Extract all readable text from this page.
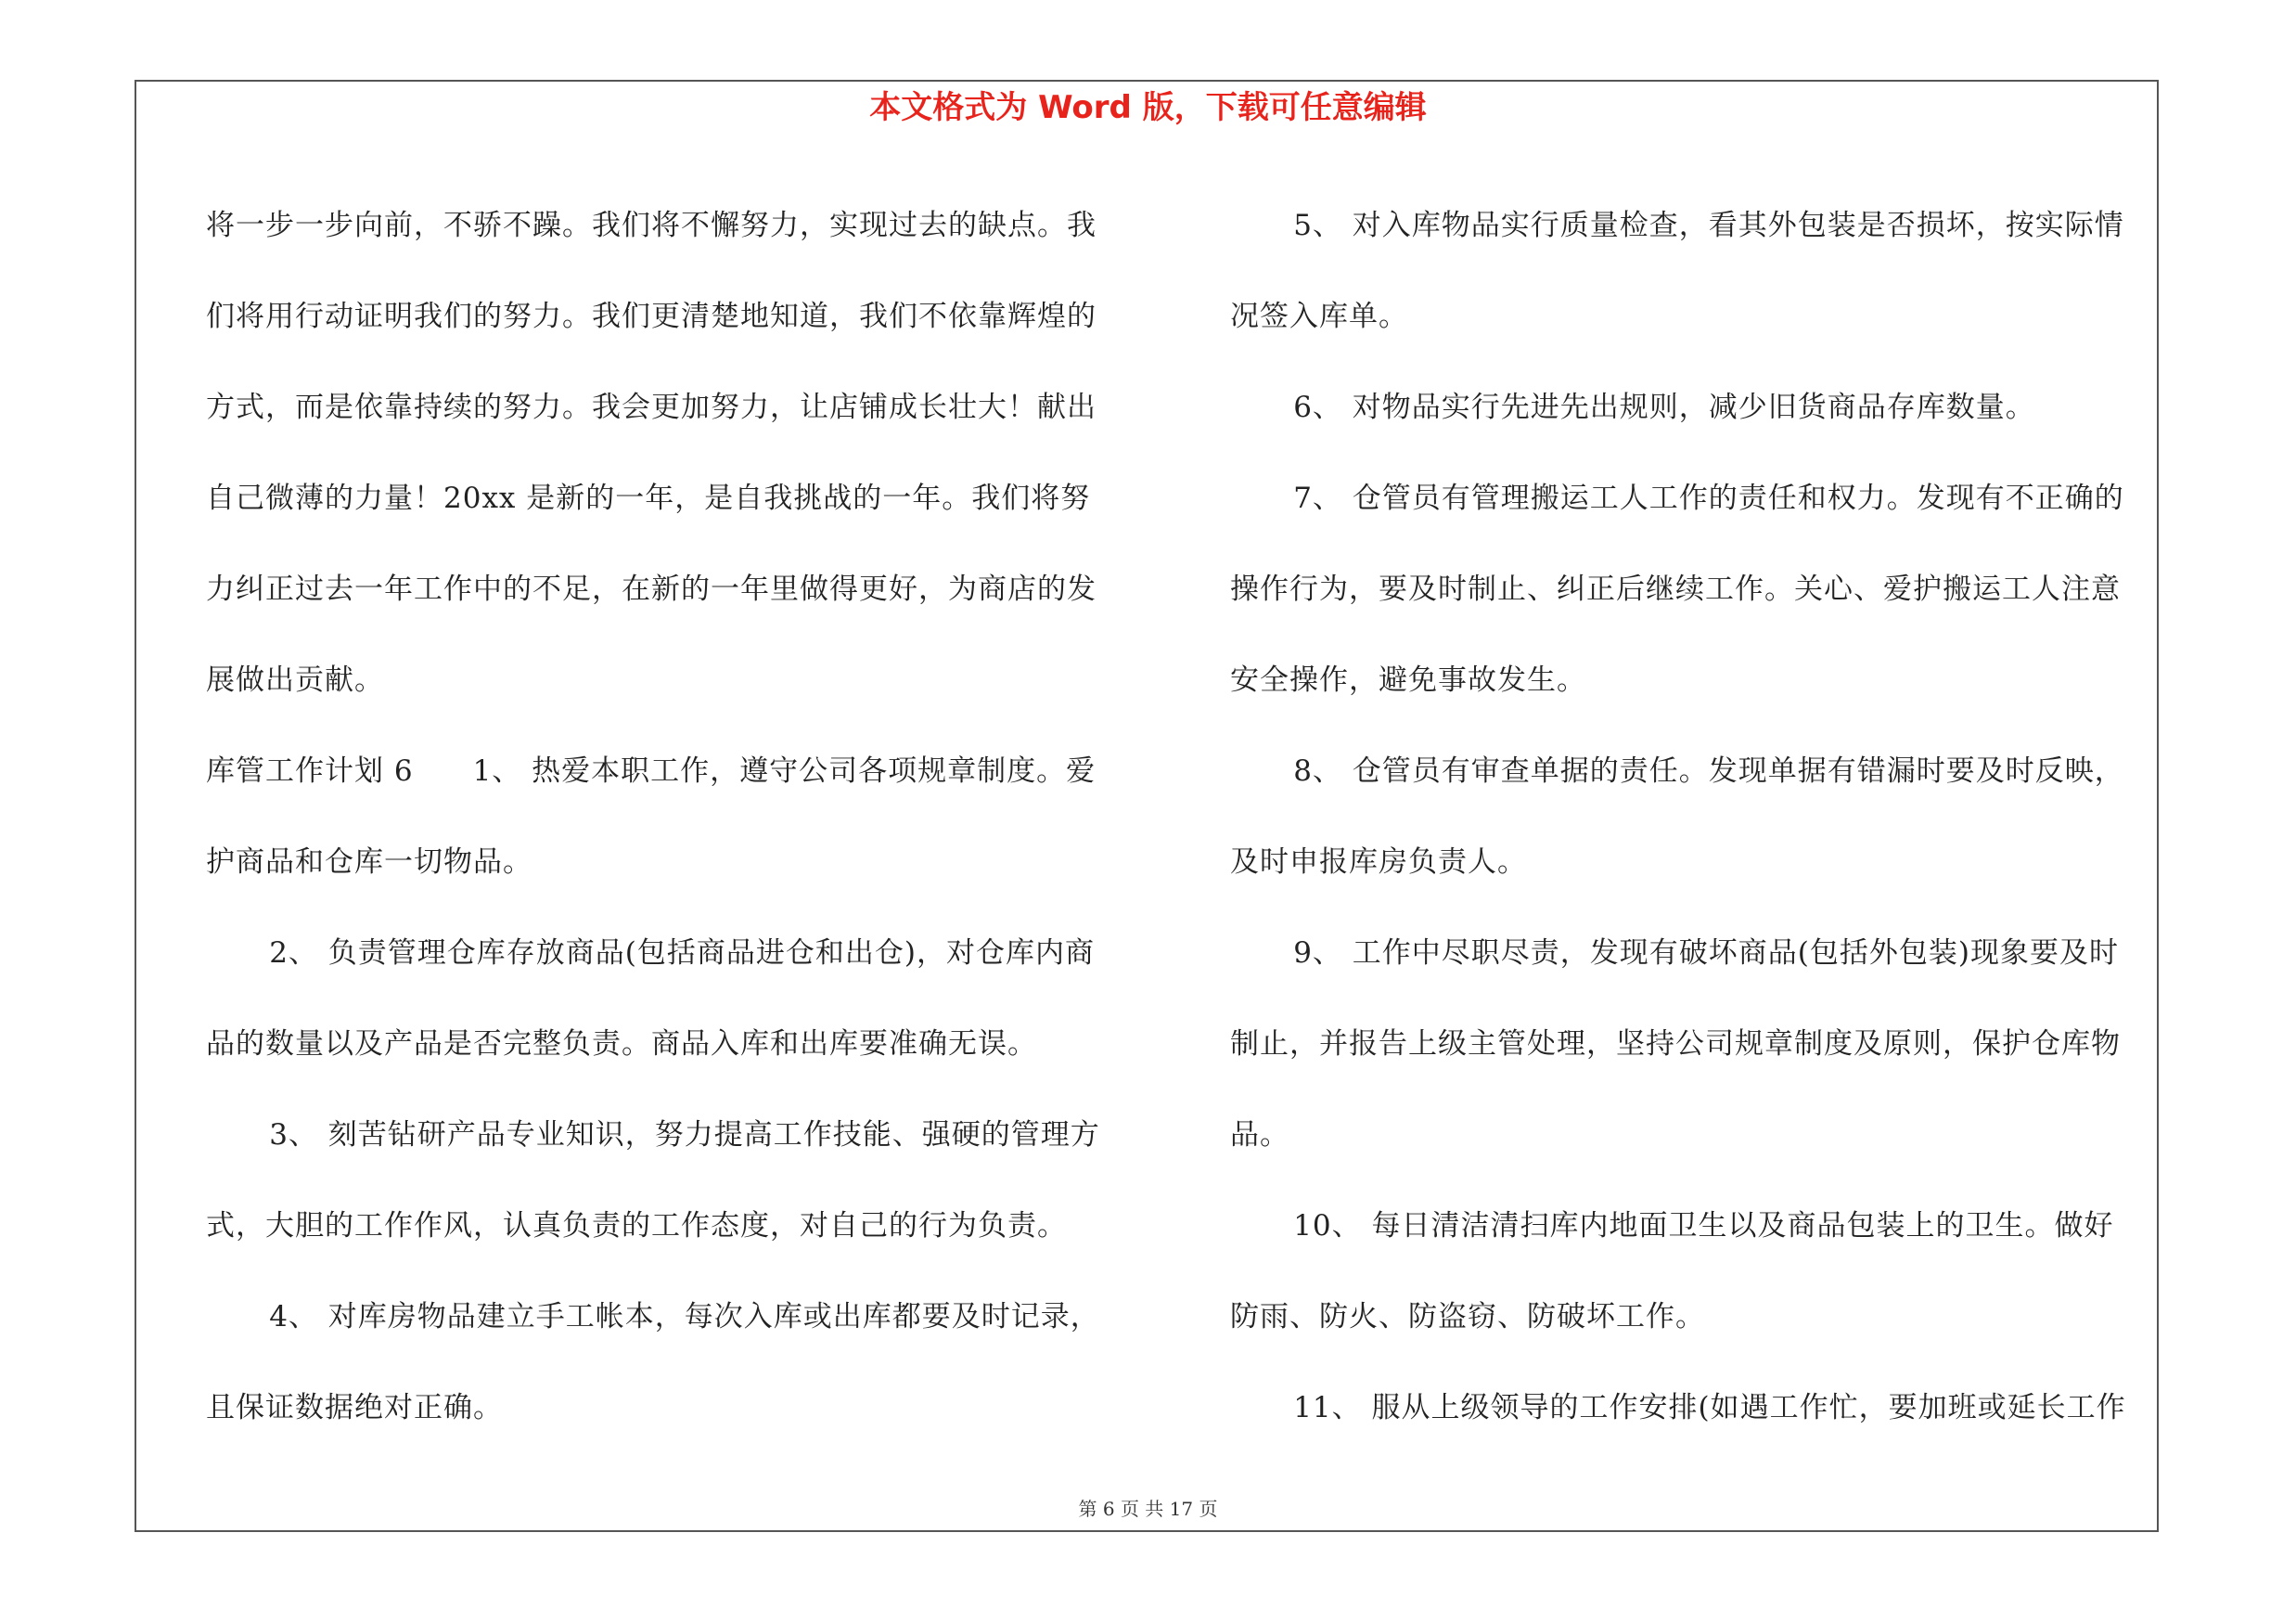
本文格式为 Word 版，下载可任意编辑

将一步一步向前，不骄不躁。我们将不懈努力，实现过去的缺点。我

们将用行动证明我们的努力。我们更清楚地知道，我们不依靠辉煌的

方式，而是依靠持续的努力。我会更加努力，让店铺成长壮大！献出

自己微薄的力量！20xx 是新的一年，是自我挑战的一年。我们将努

力纠正过去一年工作中的不足，在新的一年里做得更好，为商店的发

展做出贡献。

库管工作计划 6　　1、 热爱本职工作，遵守公司各项规章制度。爱

护商品和仓库一切物品。

2、 负责管理仓库存放商品(包括商品进仓和出仓)，对仓库内商

品的数量以及产品是否完整负责。商品入库和出库要准确无误。

3、 刻苦钻研产品专业知识，努力提高工作技能、强硬的管理方

式，大胆的工作作风，认真负责的工作态度，对自己的行为负责。

4、 对库房物品建立手工帐本，每次入库或出库都要及时记录，

且保证数据绝对正确。

5、 对入库物品实行质量检查，看其外包装是否损坏，按实际情

况签入库单。

6、 对物品实行先进先出规则，减少旧货商品存库数量。

7、 仓管员有管理搬运工人工作的责任和权力。发现有不正确的

操作行为，要及时制止、纠正后继续工作。关心、爱护搬运工人注意

安全操作，避免事故发生。

8、 仓管员有审查单据的责任。发现单据有错漏时要及时反映，

及时申报库房负责人。

9、 工作中尽职尽责，发现有破坏商品(包括外包装)现象要及时

制止，并报告上级主管处理，坚持公司规章制度及原则，保护仓库物

品。

10、 每日清洁清扫库内地面卫生以及商品包装上的卫生。做好

防雨、防火、防盗窃、防破坏工作。

11、 服从上级领导的工作安排(如遇工作忙，要加班或延长工作

第 6 页 共 17 页
